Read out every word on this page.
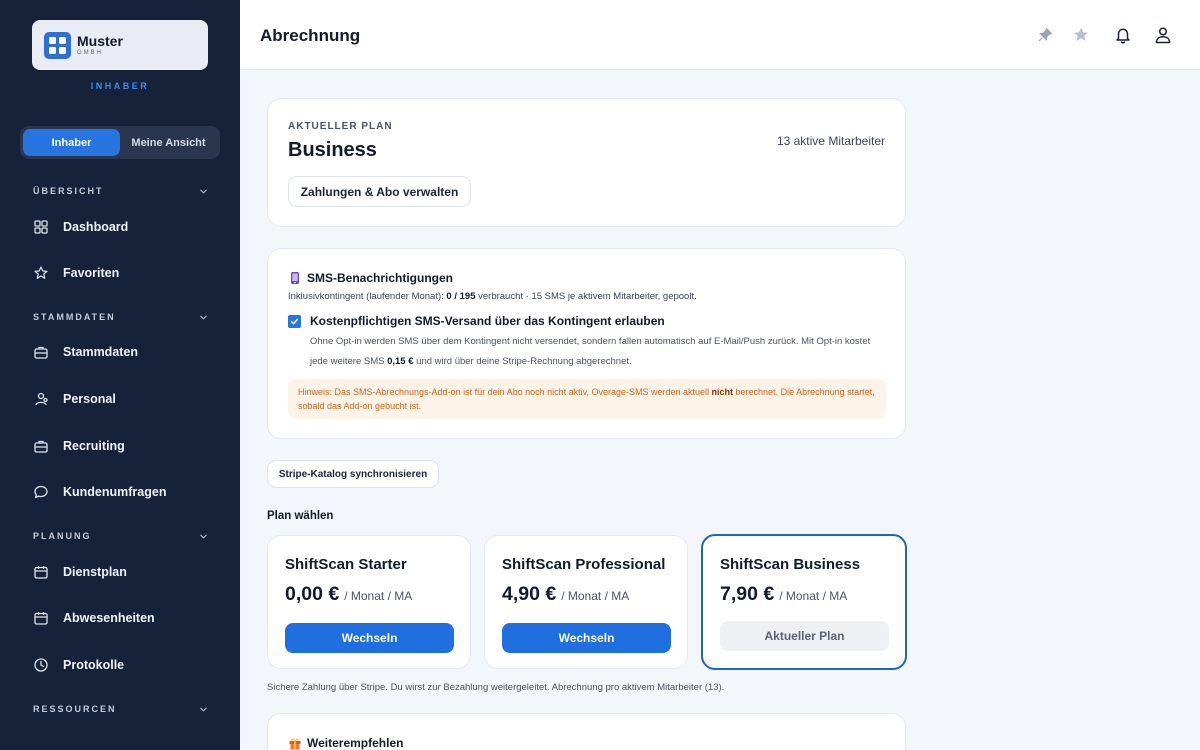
Muster
GMBH
INHABER
Inhaber	Meine Ansicht
ÜBERSICHT
Dashboard
Favoriten
STAMMDATEN
Stammdaten
Personal
Recruiting
Kundenumfragen
PLANUNG
Dienstplan
Abwesenheiten
Protokolle
RESSOURCEN
Abrechnung
AKTUELLER PLAN
Business	13 aktive Mitarbeiter
Zahlungen & Abo verwalten
SMS-Benachrichtigungen
Inklusivkontingent (laufender Monat): 0 / 195 verbraucht · 15 SMS je aktivem Mitarbeiter, gepoolt.
Kostenpflichtigen SMS-Versand über das Kontingent erlauben
Ohne Opt-in werden SMS über dem Kontingent nicht versendet, sondern fallen automatisch auf E-Mail/Push zurück. Mit Opt-in kostet jede weitere SMS 0,15 € und wird über deine Stripe-Rechnung abgerechnet.
Hinweis: Das SMS-Abrechnungs-Add-on ist für dein Abo noch nicht aktiv, Overage-SMS werden aktuell nicht berechnet. Die Abrechnung startet, sobald das Add-on gebucht ist.
Stripe-Katalog synchronisieren
Plan wählen
ShiftScan Starter
0,00 € / Monat / MA
Wechseln
ShiftScan Professional
4,90 € / Monat / MA
Wechseln
ShiftScan Business
7,90 € / Monat / MA
Aktueller Plan
Sichere Zahlung über Stripe. Du wirst zur Bezahlung weitergeleitet. Abrechnung pro aktivem Mitarbeiter (13).
Weiterempfehlen
